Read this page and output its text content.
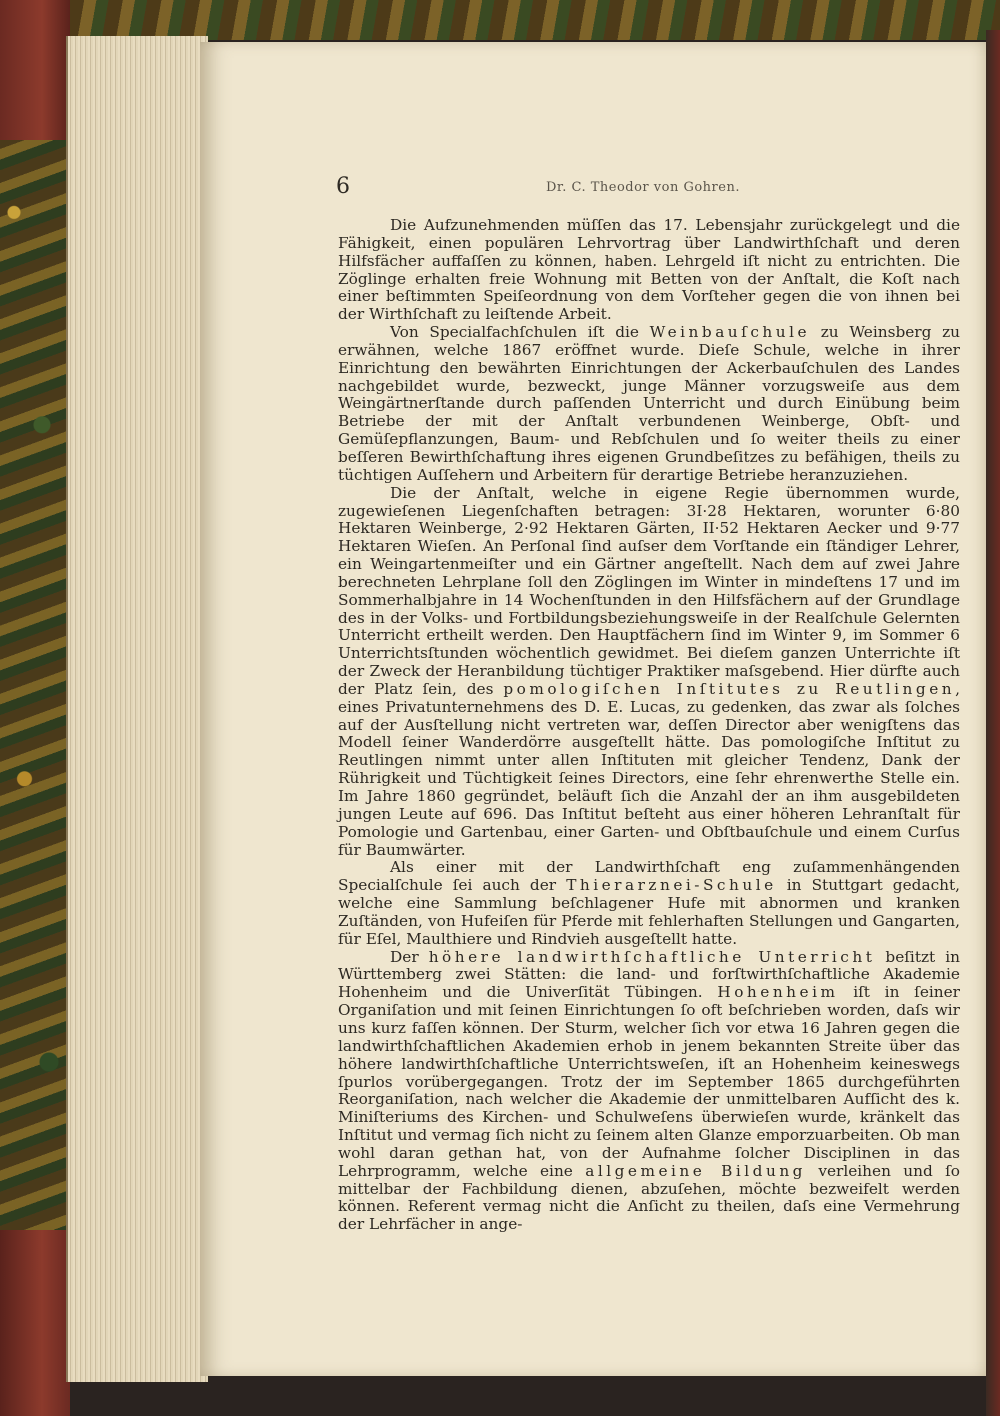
6	Dr. C. Theodor von Gohren.

Die Aufzunehmenden müſſen das 17. Lebensjahr zurückgelegt und die Fähigkeit, einen populären Lehrvortrag über Landwirthſchaft und deren Hilfsfächer auffaſſen zu können, haben. Lehrgeld iſt nicht zu entrichten. Die Zöglinge erhalten freie Wohnung mit Betten von der Anſtalt, die Koſt nach einer beſtimmten Speiſeordnung von dem Vorſteher gegen die von ihnen bei der Wirthſchaft zu leiſtende Arbeit.

Von Specialfachſchulen iſt die Weinbauſchule zu Weinsberg zu erwähnen, welche 1867 eröffnet wurde. Dieſe Schule, welche in ihrer Einrichtung den bewährten Einrichtungen der Ackerbauſchulen des Landes nachgebildet wurde, bezweckt, junge Männer vorzugsweiſe aus dem Weingärtnerſtande durch paſſenden Unterricht und durch Einübung beim Betriebe der mit der Anſtalt verbundenen Weinberge, Obſt- und Gemüſepflanzungen, Baum- und Rebſchulen und ſo weiter theils zu einer beſſeren Bewirthſchaftung ihres eigenen Grundbeſitzes zu befähigen, theils zu tüchtigen Auſſehern und Arbeitern für derartige Betriebe heranzuziehen.

Die der Anſtalt, welche in eigene Regie übernommen wurde, zugewieſenen Liegenſchaften betragen: 3I·28 Hektaren, worunter 6·80 Hektaren Weinberge, 2·92 Hektaren Gärten, II·52 Hektaren Aecker und 9·77 Hektaren Wieſen. An Perſonal ſind auſser dem Vorſtande ein ſtändiger Lehrer, ein Weingartenmeiſter und ein Gärtner angeſtellt. Nach dem auf zwei Jahre berechneten Lehrplane ſoll den Zöglingen im Winter in mindeſtens 17 und im Sommerhalbjahre in 14 Wochenſtunden in den Hilfsfächern auf der Grundlage des in der Volks- und Fortbildungsbeziehungsweiſe in der Realſchule Gelernten Unterricht ertheilt werden. Den Hauptfächern ſind im Winter 9, im Sommer 6 Unterrichtsſtunden wöchentlich gewidmet. Bei dieſem ganzen Unterrichte iſt der Zweck der Heranbildung tüchtiger Praktiker maſsgebend. Hier dürfte auch der Platz ſein, des pomologiſchen Inſtitutes zu Reutlingen, eines Privatunternehmens des D. E. Lucas, zu gedenken, das zwar als ſolches auf der Ausſtellung nicht vertreten war, deſſen Director aber wenigſtens das Modell ſeiner Wanderdörre ausgeſtellt hätte. Das pomologiſche Inſtitut zu Reutlingen nimmt unter allen Inſtituten mit gleicher Tendenz, Dank der Rührigkeit und Tüchtigkeit ſeines Directors, eine ſehr ehrenwerthe Stelle ein. Im Jahre 1860 gegründet, beläuft ſich die Anzahl der an ihm ausgebildeten jungen Leute auf 696. Das Inſtitut beſteht aus einer höheren Lehranſtalt für Pomologie und Gartenbau, einer Garten- und Obſtbauſchule und einem Curſus für Baumwärter.

Als einer mit der Landwirthſchaft eng zuſammenhängenden Specialſchule ſei auch der Thierarznei-Schule in Stuttgart gedacht, welche eine Sammlung beſchlagener Hufe mit abnormen und kranken Zuſtänden, von Hufeiſen für Pferde mit fehlerhaften Stellungen und Gangarten, für Eſel, Maulthiere und Rindvieh ausgeſtellt hatte.

Der höhere landwirthſchaftliche Unterricht beſitzt in Württemberg zwei Stätten: die land- und forſtwirthſchaftliche Akademie Hohenheim und die Univerſität Tübingen. Hohenheim iſt in ſeiner Organiſation und mit ſeinen Einrichtungen ſo oft beſchrieben worden, daſs wir uns kurz faſſen können. Der Sturm, welcher ſich vor etwa 16 Jahren gegen die landwirthſchaftlichen Akademien erhob in jenem bekannten Streite über das höhere landwirthſchaftliche Unterrichtsweſen, iſt an Hohenheim keineswegs ſpurlos vorübergegangen. Trotz der im September 1865 durchgeführten Reorganiſation, nach welcher die Akademie der unmittelbaren Aufſicht des k. Miniſteriums des Kirchen- und Schulweſens überwieſen wurde, kränkelt das Inſtitut und vermag ſich nicht zu ſeinem alten Glanze emporzuarbeiten. Ob man wohl daran gethan hat, von der Aufnahme ſolcher Disciplinen in das Lehrprogramm, welche eine allgemeine Bildung verleihen und ſo mittelbar der Fachbildung dienen, abzuſehen, möchte bezweifelt werden können. Referent vermag nicht die Anſicht zu theilen, daſs eine Vermehrung der Lehrfächer in ange-
